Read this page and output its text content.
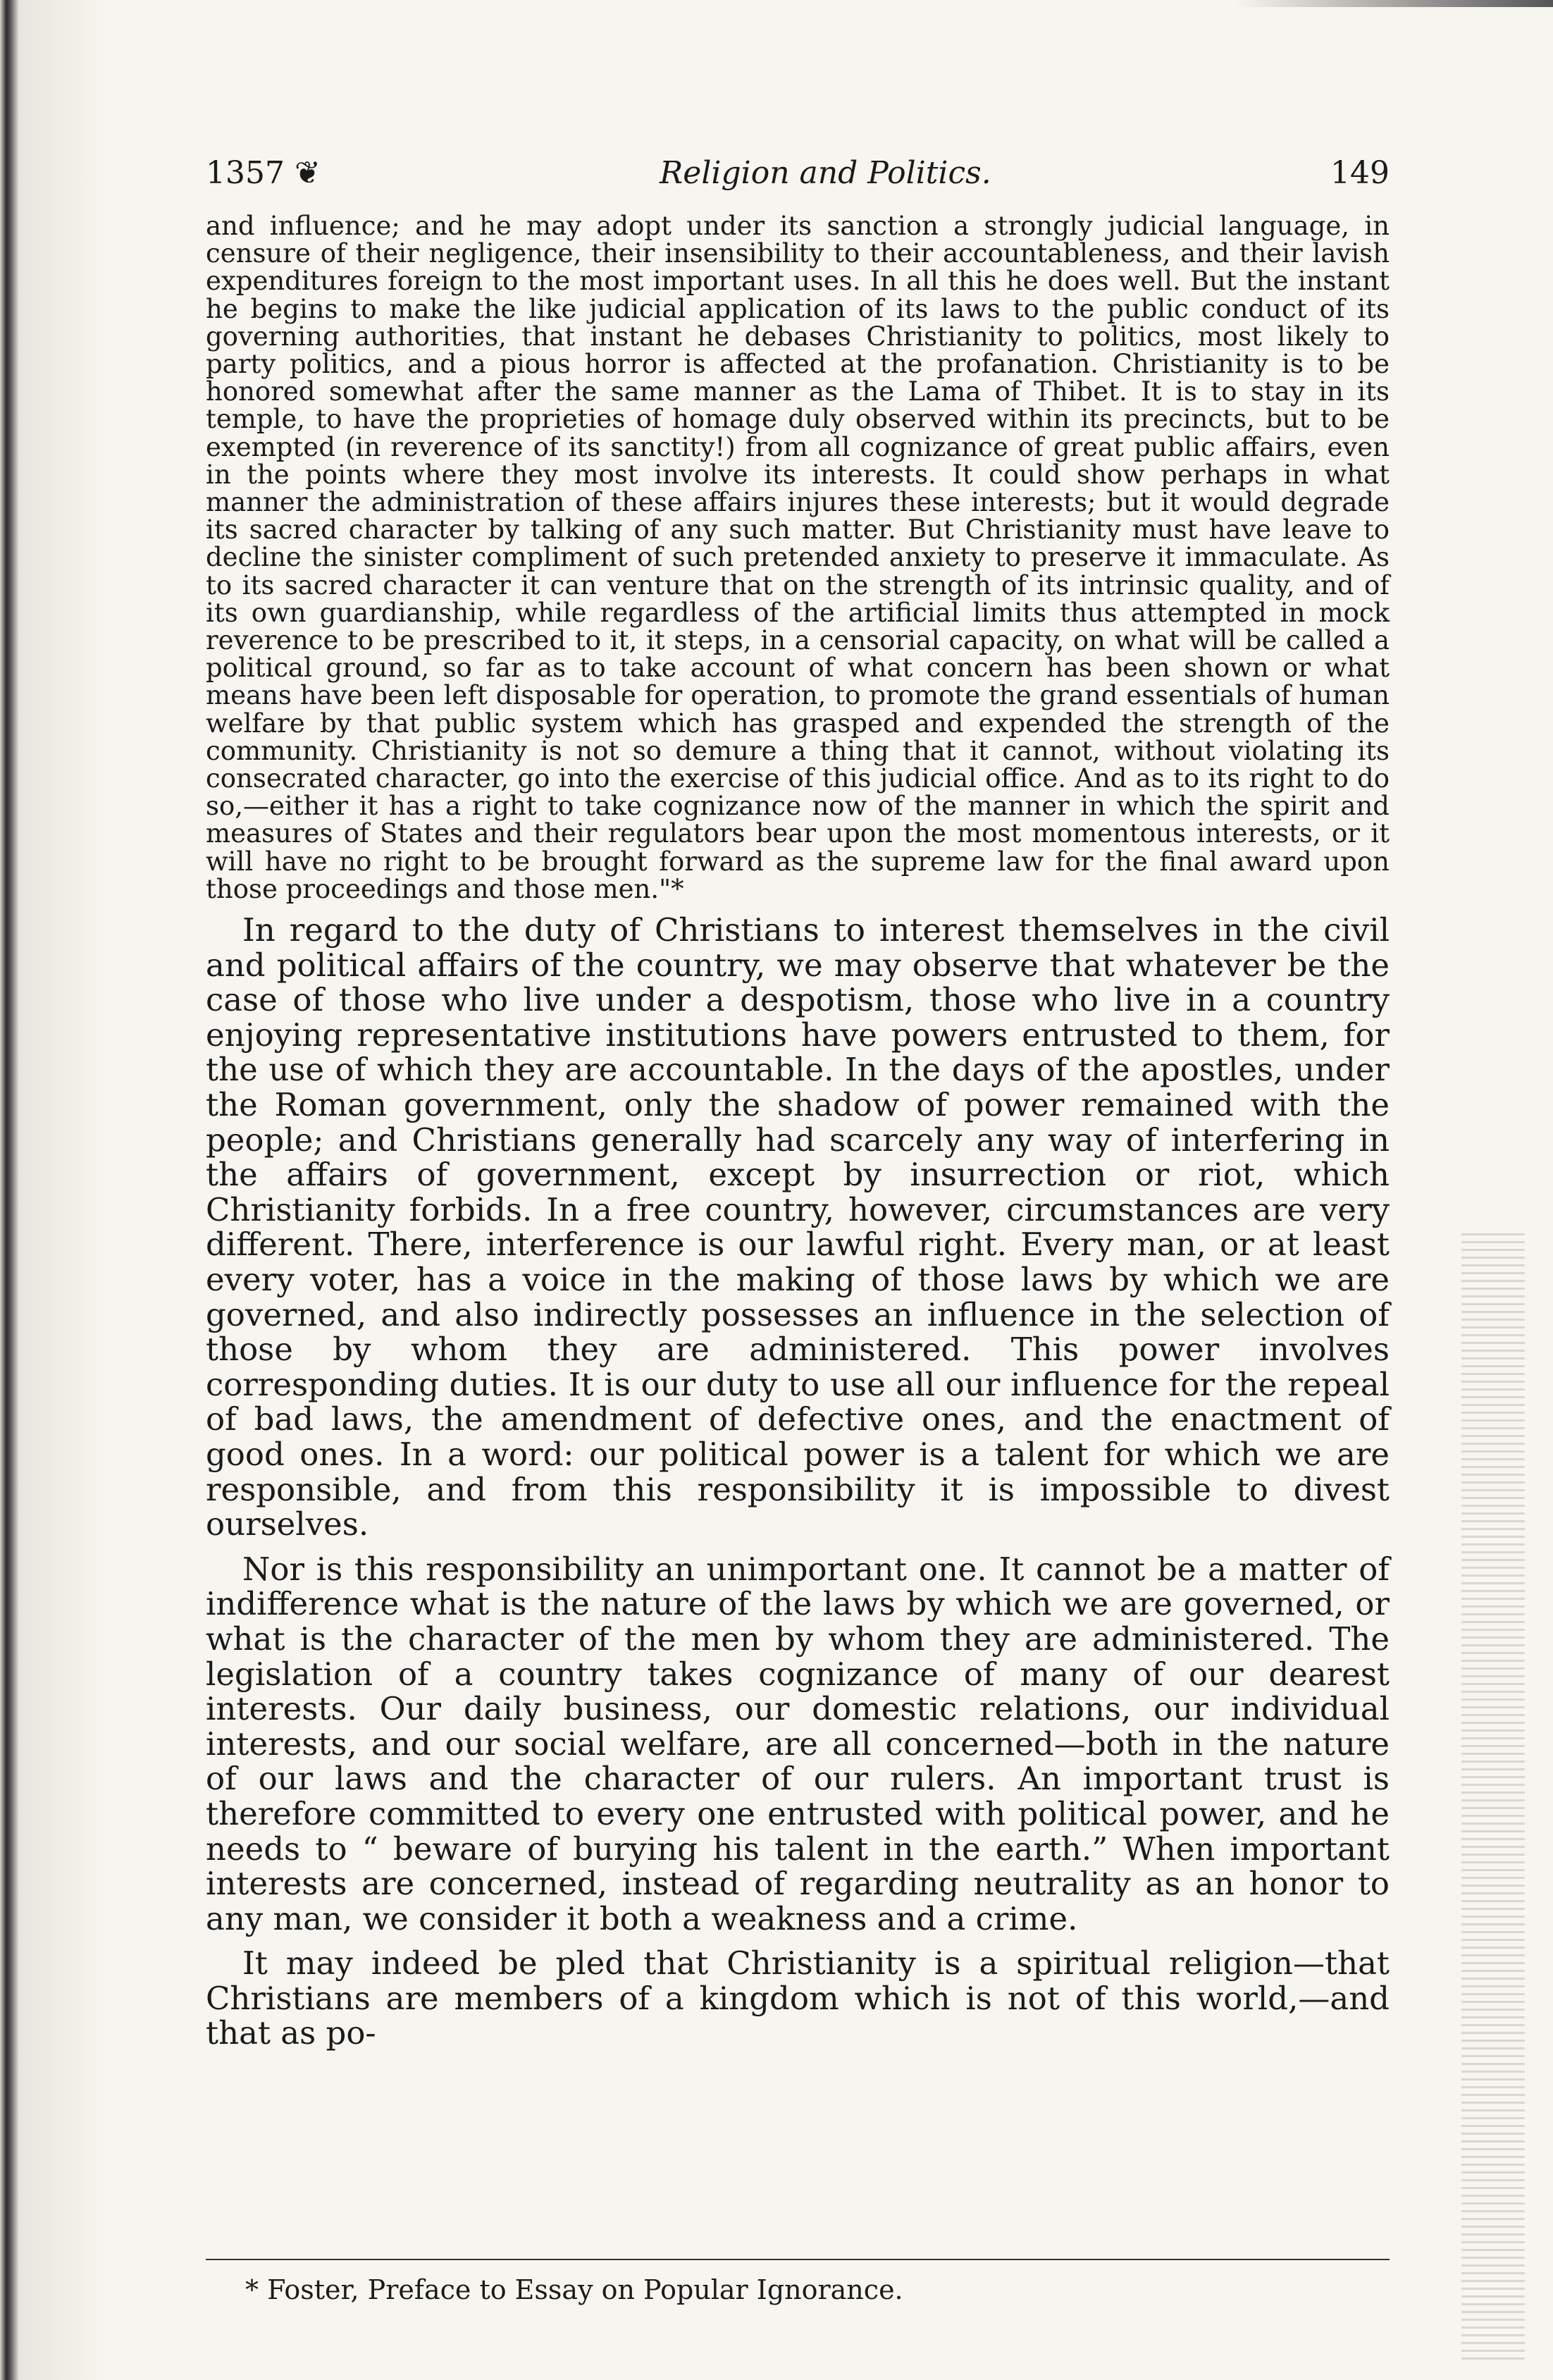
1357 ❦	Religion and Politics.	149

and influence; and he may adopt under its sanction a strongly judicial language, in censure of their negligence, their insensibility to their accountableness, and their lavish expenditures foreign to the most important uses. In all this he does well. But the instant he begins to make the like judicial application of its laws to the public conduct of its governing authorities, that instant he debases Christianity to politics, most likely to party politics, and a pious horror is affected at the profanation. Christianity is to be honored somewhat after the same manner as the Lama of Thibet. It is to stay in its temple, to have the proprieties of homage duly observed within its precincts, but to be exempted (in reverence of its sanctity!) from all cognizance of great public affairs, even in the points where they most involve its interests. It could show perhaps in what manner the administration of these affairs injures these interests; but it would degrade its sacred character by talking of any such matter. But Christianity must have leave to decline the sinister compliment of such pretended anxiety to preserve it immaculate. As to its sacred character it can venture that on the strength of its intrinsic quality, and of its own guardianship, while regardless of the artificial limits thus attempted in mock reverence to be prescribed to it, it steps, in a censorial capacity, on what will be called a political ground, so far as to take account of what concern has been shown or what means have been left disposable for operation, to promote the grand essentials of human welfare by that public system which has grasped and expended the strength of the community. Christianity is not so demure a thing that it cannot, without violating its consecrated character, go into the exercise of this judicial office. And as to its right to do so,—either it has a right to take cognizance now of the manner in which the spirit and measures of States and their regulators bear upon the most momentous interests, or it will have no right to be brought forward as the supreme law for the final award upon those proceedings and those men."*

In regard to the duty of Christians to interest themselves in the civil and political affairs of the country, we may observe that whatever be the case of those who live under a despotism, those who live in a country enjoying representative institutions have powers entrusted to them, for the use of which they are accountable. In the days of the apostles, under the Roman government, only the shadow of power remained with the people; and Christians generally had scarcely any way of interfering in the affairs of government, except by insurrection or riot, which Christianity forbids. In a free country, however, circumstances are very different. There, interference is our lawful right. Every man, or at least every voter, has a voice in the making of those laws by which we are governed, and also indirectly possesses an influence in the selection of those by whom they are administered. This power involves corresponding duties. It is our duty to use all our influence for the repeal of bad laws, the amendment of defective ones, and the enactment of good ones. In a word: our political power is a talent for which we are responsible, and from this responsibility it is impossible to divest ourselves.

Nor is this responsibility an unimportant one. It cannot be a matter of indifference what is the nature of the laws by which we are governed, or what is the character of the men by whom they are administered. The legislation of a country takes cognizance of many of our dearest interests. Our daily business, our domestic relations, our individual interests, and our social welfare, are all concerned—both in the nature of our laws and the character of our rulers. An important trust is therefore committed to every one entrusted with political power, and he needs to “ beware of burying his talent in the earth.” When important interests are concerned, instead of regarding neutrality as an honor to any man, we consider it both a weakness and a crime.

It may indeed be pled that Christianity is a spiritual religion—that Christians are members of a kingdom which is not of this world,—and that as po-

* Foster, Preface to Essay on Popular Ignorance.
